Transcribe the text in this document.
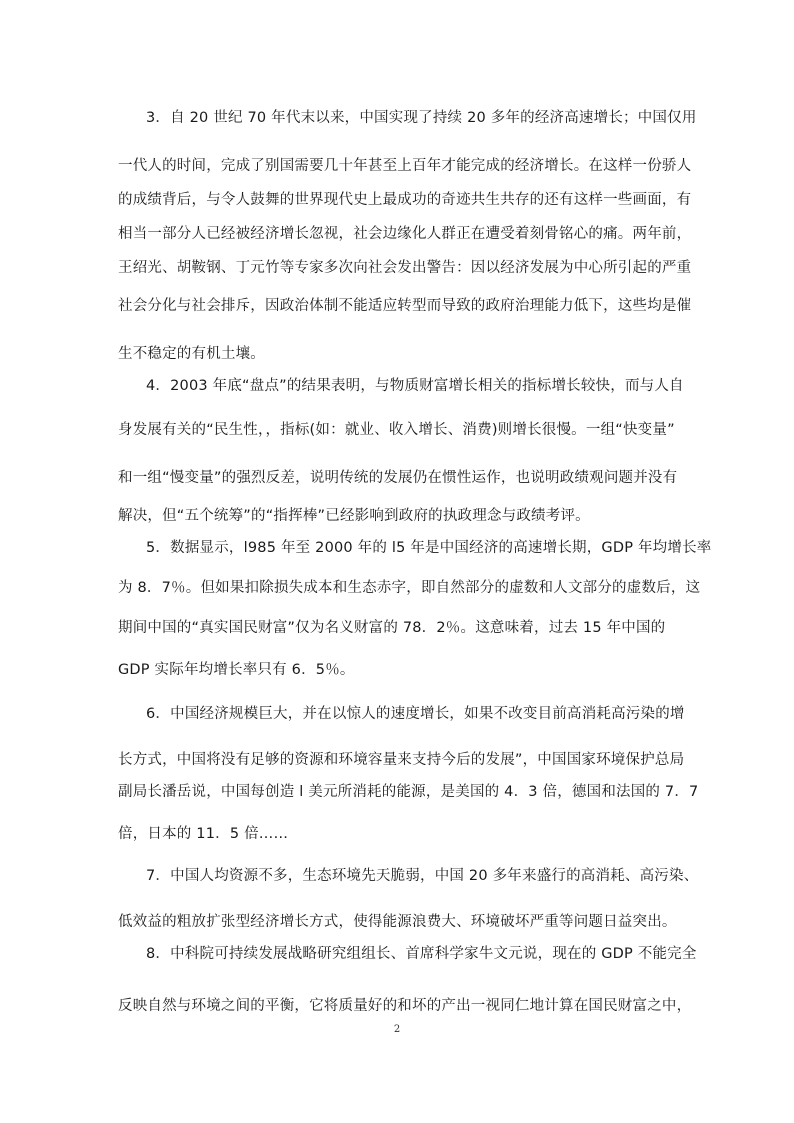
3．自 20 世纪 70 年代末以来，中国实现了持续 20 多年的经济高速增长；中国仅用
一代人的时间，完成了别国需要几十年甚至上百年才能完成的经济增长。在这样一份骄人
的成绩背后，与令人鼓舞的世界现代史上最成功的奇迹共生共存的还有这样一些画面，有
相当一部分人已经被经济增长忽视，社会边缘化人群正在遭受着刻骨铭心的痛。两年前，
王绍光、胡鞍钢、丁元竹等专家多次向社会发出警告：因以经济发展为中心所引起的严重
社会分化与社会排斥，因政治体制不能适应转型而导致的政府治理能力低下，这些均是催
生不稳定的有机土壤。
4．2003 年底“盘点”的结果表明，与物质财富增长相关的指标增长较快，而与人自
身发展有关的“民生性，，指标(如：就业、收入增长、消费)则增长很慢。一组“快变量”
和一组“慢变量”的强烈反差，说明传统的发展仍在惯性运作，也说明政绩观问题并没有
解决，但“五个统筹”的“指挥棒”已经影响到政府的执政理念与政绩考评。
5．数据显示，l985 年至 2000 年的 l5 年是中国经济的高速增长期，GDP 年均增长率
为 8．7％。但如果扣除损失成本和生态赤字，即自然部分的虚数和人文部分的虚数后，这
期间中国的“真实国民财富”仅为名义财富的 78．2％。这意味着，过去 15 年中国的
GDP 实际年均增长率只有 6．5％。
6．中国经济规模巨大，并在以惊人的速度增长，如果不改变目前高消耗高污染的增
长方式，中国将没有足够的资源和环境容量来支持今后的发展”，中国国家环境保护总局
副局长潘岳说，中国每创造 l 美元所消耗的能源，是美国的 4．3 倍，德国和法国的 7．7
倍，日本的 11．5 倍……
7．中国人均资源不多，生态环境先天脆弱，中国 20 多年来盛行的高消耗、高污染、
低效益的粗放扩张型经济增长方式，使得能源浪费大、环境破坏严重等问题日益突出。
8．中科院可持续发展战略研究组组长、首席科学家牛文元说，现在的 GDP 不能完全
反映自然与环境之间的平衡，它将质量好的和坏的产出一视同仁地计算在国民财富之中，
2
